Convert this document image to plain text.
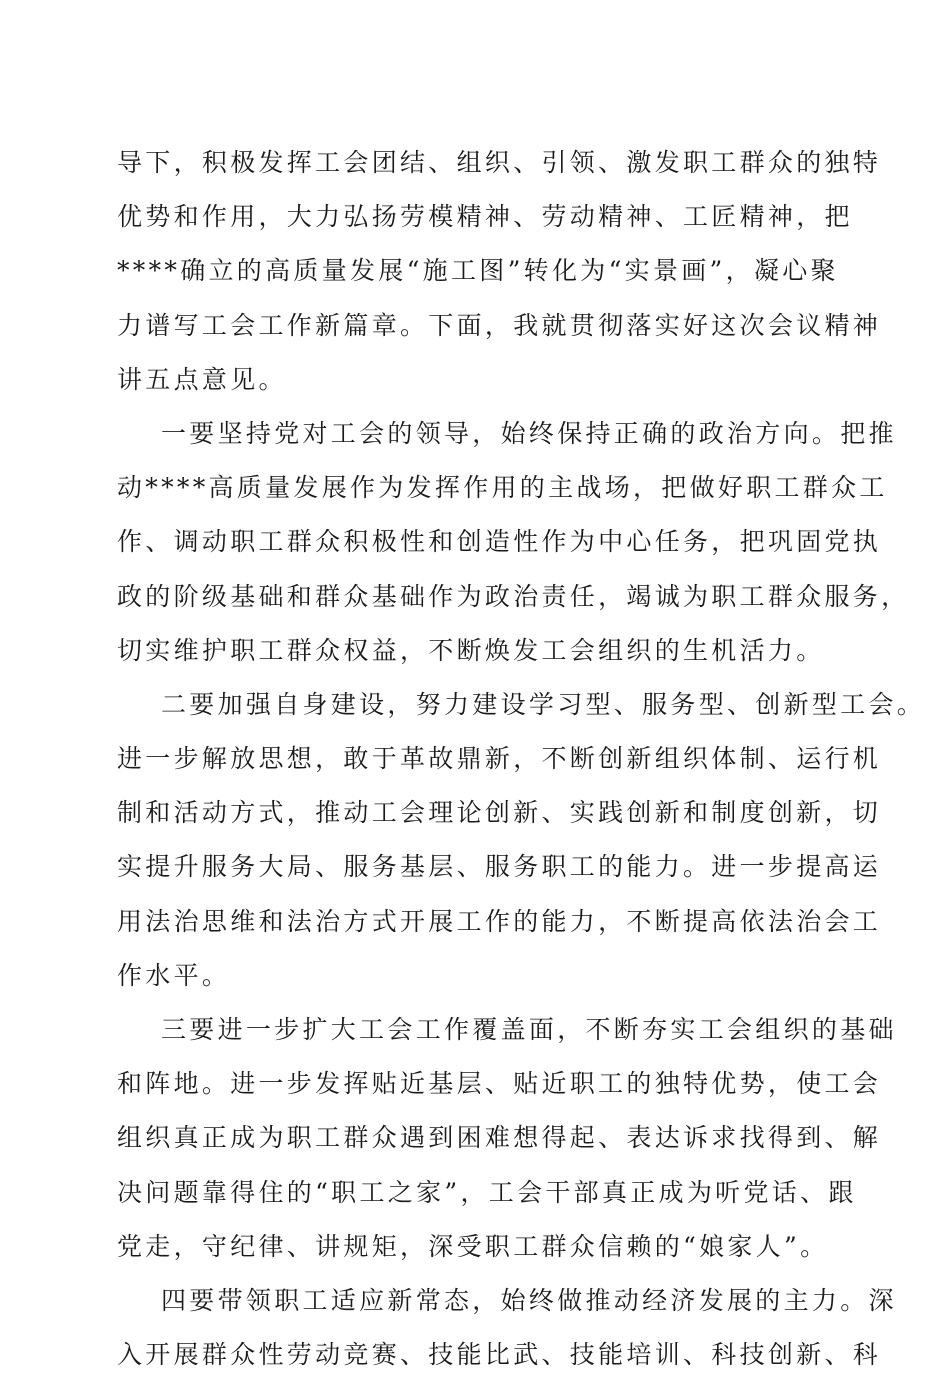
导下，积极发挥工会团结、组织、引领、激发职工群众的独特
优势和作用，大力弘扬劳模精神、劳动精神、工匠精神，把
****确立的高质量发展“施工图”转化为“实景画”，凝心聚
力谱写工会工作新篇章。下面，我就贯彻落实好这次会议精神
讲五点意见。
一要坚持党对工会的领导，始终保持正确的政治方向。把推
动****高质量发展作为发挥作用的主战场，把做好职工群众工
作、调动职工群众积极性和创造性作为中心任务，把巩固党执
政的阶级基础和群众基础作为政治责任，竭诚为职工群众服务，
切实维护职工群众权益，不断焕发工会组织的生机活力。
二要加强自身建设，努力建设学习型、服务型、创新型工会。
进一步解放思想，敢于革故鼎新，不断创新组织体制、运行机
制和活动方式，推动工会理论创新、实践创新和制度创新，切
实提升服务大局、服务基层、服务职工的能力。进一步提高运
用法治思维和法治方式开展工作的能力，不断提高依法治会工
作水平。
三要进一步扩大工会工作覆盖面，不断夯实工会组织的基础
和阵地。进一步发挥贴近基层、贴近职工的独特优势，使工会
组织真正成为职工群众遇到困难想得起、表达诉求找得到、解
决问题靠得住的“职工之家”，工会干部真正成为听党话、跟
党走，守纪律、讲规矩，深受职工群众信赖的“娘家人”。
四要带领职工适应新常态，始终做推动经济发展的主力。深
入开展群众性劳动竞赛、技能比武、技能培训、科技创新、科
